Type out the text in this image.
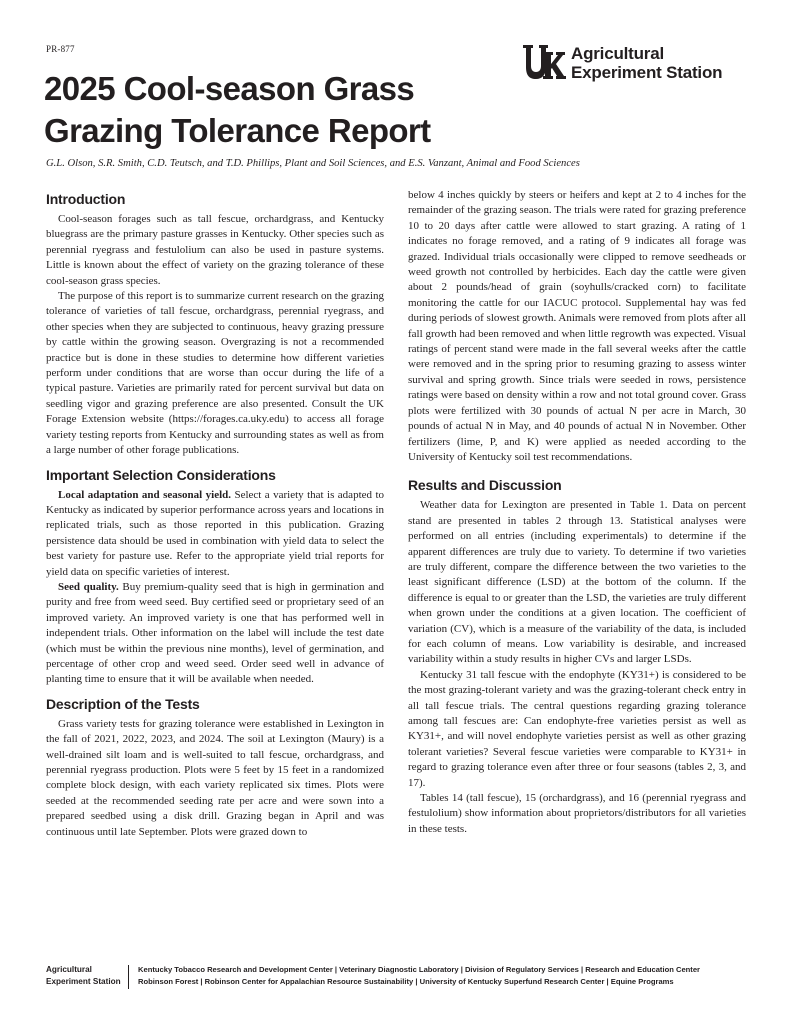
PR-877
2025 Cool-season Grass
Grazing Tolerance Report
Agricultural
Experiment Station
G.L. Olson, S.R. Smith, C.D. Teutsch, and T.D. Phillips, Plant and Soil Sciences, and E.S. Vanzant, Animal and Food Sciences
Introduction

Cool-season forages such as tall fescue, orchardgrass, and Kentucky bluegrass are the primary pasture grasses in Kentucky. Other species such as perennial ryegrass and festulolium can also be used in pasture systems. Little is known about the effect of variety on the grazing tolerance of these cool-season grass species.

The purpose of this report is to summarize current research on the grazing tolerance of varieties of tall fescue, orchardgrass, perennial ryegrass, and other species when they are subjected to continuous, heavy grazing pressure by cattle within the growing season. Overgrazing is not a recommended practice but is done in these studies to determine how different varieties perform under conditions that are worse than occur during the life of a typical pasture. Varieties are primarily rated for percent survival but data on seedling vigor and grazing preference are also presented. Consult the UK Forage Extension website (https://forages.ca.uky.edu) to access all forage variety testing reports from Kentucky and surrounding states as well as from a large number of other forage publications.

Important Selection Considerations

Local adaptation and seasonal yield. Select a variety that is adapted to Kentucky as indicated by superior performance across years and locations in replicated trials, such as those reported in this publication. Grazing persistence data should be used in combination with yield data to select the best variety for pasture use. Refer to the appropriate yield trial reports for yield data on specific varieties of interest.

Seed quality. Buy premium-quality seed that is high in germination and purity and free from weed seed. Buy certified seed or proprietary seed of an improved variety. An improved variety is one that has performed well in independent trials. Other information on the label will include the test date (which must be within the previous nine months), level of germination, and percentage of other crop and weed seed. Order seed well in advance of planting time to ensure that it will be available when needed.

Description of the Tests

Grass variety tests for grazing tolerance were established in Lexington in the fall of 2021, 2022, 2023, and 2024. The soil at Lexington (Maury) is a well-drained silt loam and is well-suited to tall fescue, orchardgrass, and perennial ryegrass production. Plots were 5 feet by 15 feet in a randomized complete block design, with each variety replicated six times. Plots were seeded at the recommended seeding rate per acre and were sown into a prepared seedbed using a disk drill. Grazing began in April and was continuous until late September. Plots were grazed down to

below 4 inches quickly by steers or heifers and kept at 2 to 4 inches for the remainder of the grazing season. The trials were rated for grazing preference 10 to 20 days after cattle were allowed to start grazing. A rating of 1 indicates no forage removed, and a rating of 9 indicates all forage was grazed. Individual trials occasionally were clipped to remove seedheads or weed growth not controlled by herbicides. Each day the cattle were given about 2 pounds/head of grain (soyhulls/cracked corn) to facilitate monitoring the cattle for our IACUC protocol. Supplemental hay was fed during periods of slowest growth. Animals were removed from plots after all fall growth had been removed and when little regrowth was expected. Visual ratings of percent stand were made in the fall several weeks after the cattle were removed and in the spring prior to resuming grazing to assess winter survival and spring growth. Since trials were seeded in rows, persistence ratings were based on density within a row and not total ground cover. Grass plots were fertilized with 30 pounds of actual N per acre in March, 30 pounds of actual N in May, and 40 pounds of actual N in November. Other fertilizers (lime, P, and K) were applied as needed according to the University of Kentucky soil test recommendations.

Results and Discussion

Weather data for Lexington are presented in Table 1. Data on percent stand are presented in tables 2 through 13. Statistical analyses were performed on all entries (including experimentals) to determine if the apparent differences are truly due to variety. To determine if two varieties are truly different, compare the difference between the two varieties to the least significant difference (LSD) at the bottom of the column. If the difference is equal to or greater than the LSD, the varieties are truly different when grown under the conditions at a given location. The coefficient of variation (CV), which is a measure of the variability of the data, is included for each column of means. Low variability is desirable, and increased variability within a study results in higher CVs and larger LSDs.

Kentucky 31 tall fescue with the endophyte (KY31+) is considered to be the most grazing-tolerant variety and was the grazing-tolerant check entry in all tall fescue trials. The central questions regarding grazing tolerance among tall fescues are: Can endophyte-free varieties persist as well as KY31+, and will novel endophyte varieties persist as well as other grazing tolerant varieties? Several fescue varieties were comparable to KY31+ in regard to grazing tolerance even after three or four seasons (tables 2, 3, and 17).

Tables 14 (tall fescue), 15 (orchardgrass), and 16 (perennial ryegrass and festulolium) show information about proprietors/distributors for all varieties in these tests.

Agricultural
Experiment Station
Kentucky Tobacco Research and Development Center | Veterinary Diagnostic Laboratory | Division of Regulatory Services | Research and Education Center
Robinson Forest | Robinson Center for Appalachian Resource Sustainability | University of Kentucky Superfund Research Center | Equine Programs
